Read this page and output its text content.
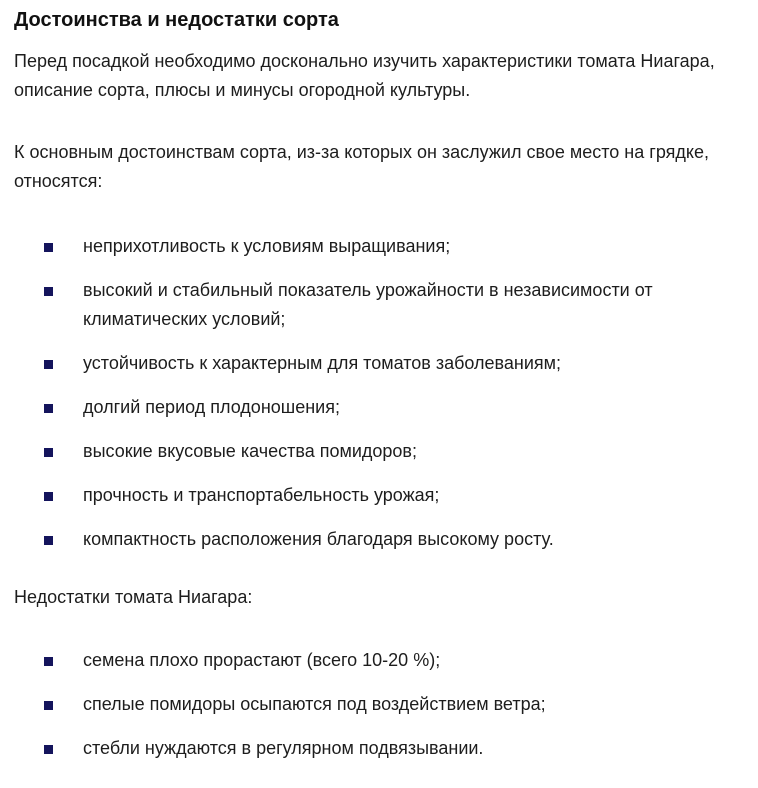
Достоинства и недостатки сорта

Перед посадкой необходимо досконально изучить характеристики томата Ниагара, описание сорта, плюсы и минусы огородной культуры.

К основным достоинствам сорта, из-за которых он заслужил свое место на грядке, относятся:

неприхотливость к условиям выращивания;
высокий и стабильный показатель урожайности в независимости от климатических условий;
устойчивость к характерным для томатов заболеваниям;
долгий период плодоношения;
высокие вкусовые качества помидоров;
прочность и транспортабельность урожая;
компактность расположения благодаря высокому росту.

Недостатки томата Ниагара:

семена плохо прорастают (всего 10-20 %);
спелые помидоры осыпаются под воздействием ветра;
стебли нуждаются в регулярном подвязывании.
